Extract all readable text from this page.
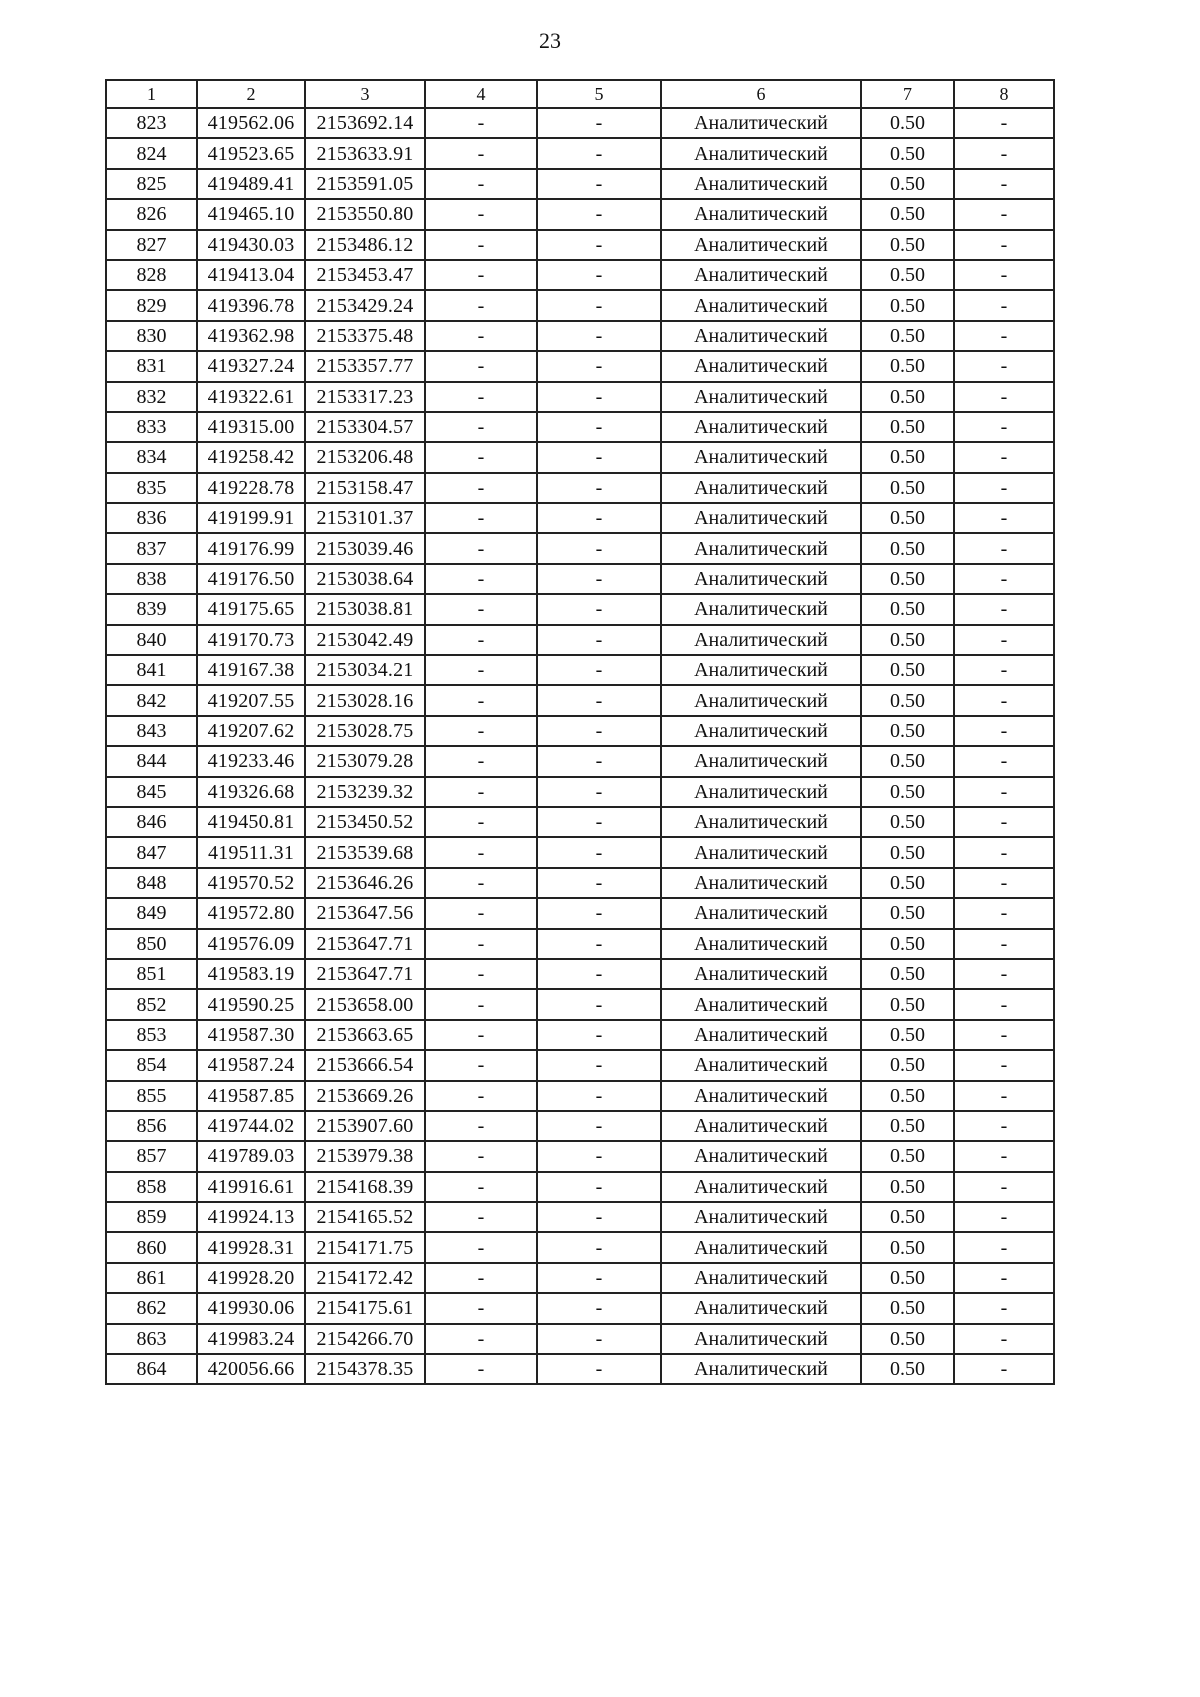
23
1	2	3	4	5	6	7	8
823	419562.06	2153692.14	-	-	Аналитический	0.50	-
824	419523.65	2153633.91	-	-	Аналитический	0.50	-
825	419489.41	2153591.05	-	-	Аналитический	0.50	-
826	419465.10	2153550.80	-	-	Аналитический	0.50	-
827	419430.03	2153486.12	-	-	Аналитический	0.50	-
828	419413.04	2153453.47	-	-	Аналитический	0.50	-
829	419396.78	2153429.24	-	-	Аналитический	0.50	-
830	419362.98	2153375.48	-	-	Аналитический	0.50	-
831	419327.24	2153357.77	-	-	Аналитический	0.50	-
832	419322.61	2153317.23	-	-	Аналитический	0.50	-
833	419315.00	2153304.57	-	-	Аналитический	0.50	-
834	419258.42	2153206.48	-	-	Аналитический	0.50	-
835	419228.78	2153158.47	-	-	Аналитический	0.50	-
836	419199.91	2153101.37	-	-	Аналитический	0.50	-
837	419176.99	2153039.46	-	-	Аналитический	0.50	-
838	419176.50	2153038.64	-	-	Аналитический	0.50	-
839	419175.65	2153038.81	-	-	Аналитический	0.50	-
840	419170.73	2153042.49	-	-	Аналитический	0.50	-
841	419167.38	2153034.21	-	-	Аналитический	0.50	-
842	419207.55	2153028.16	-	-	Аналитический	0.50	-
843	419207.62	2153028.75	-	-	Аналитический	0.50	-
844	419233.46	2153079.28	-	-	Аналитический	0.50	-
845	419326.68	2153239.32	-	-	Аналитический	0.50	-
846	419450.81	2153450.52	-	-	Аналитический	0.50	-
847	419511.31	2153539.68	-	-	Аналитический	0.50	-
848	419570.52	2153646.26	-	-	Аналитический	0.50	-
849	419572.80	2153647.56	-	-	Аналитический	0.50	-
850	419576.09	2153647.71	-	-	Аналитический	0.50	-
851	419583.19	2153647.71	-	-	Аналитический	0.50	-
852	419590.25	2153658.00	-	-	Аналитический	0.50	-
853	419587.30	2153663.65	-	-	Аналитический	0.50	-
854	419587.24	2153666.54	-	-	Аналитический	0.50	-
855	419587.85	2153669.26	-	-	Аналитический	0.50	-
856	419744.02	2153907.60	-	-	Аналитический	0.50	-
857	419789.03	2153979.38	-	-	Аналитический	0.50	-
858	419916.61	2154168.39	-	-	Аналитический	0.50	-
859	419924.13	2154165.52	-	-	Аналитический	0.50	-
860	419928.31	2154171.75	-	-	Аналитический	0.50	-
861	419928.20	2154172.42	-	-	Аналитический	0.50	-
862	419930.06	2154175.61	-	-	Аналитический	0.50	-
863	419983.24	2154266.70	-	-	Аналитический	0.50	-
864	420056.66	2154378.35	-	-	Аналитический	0.50	-
